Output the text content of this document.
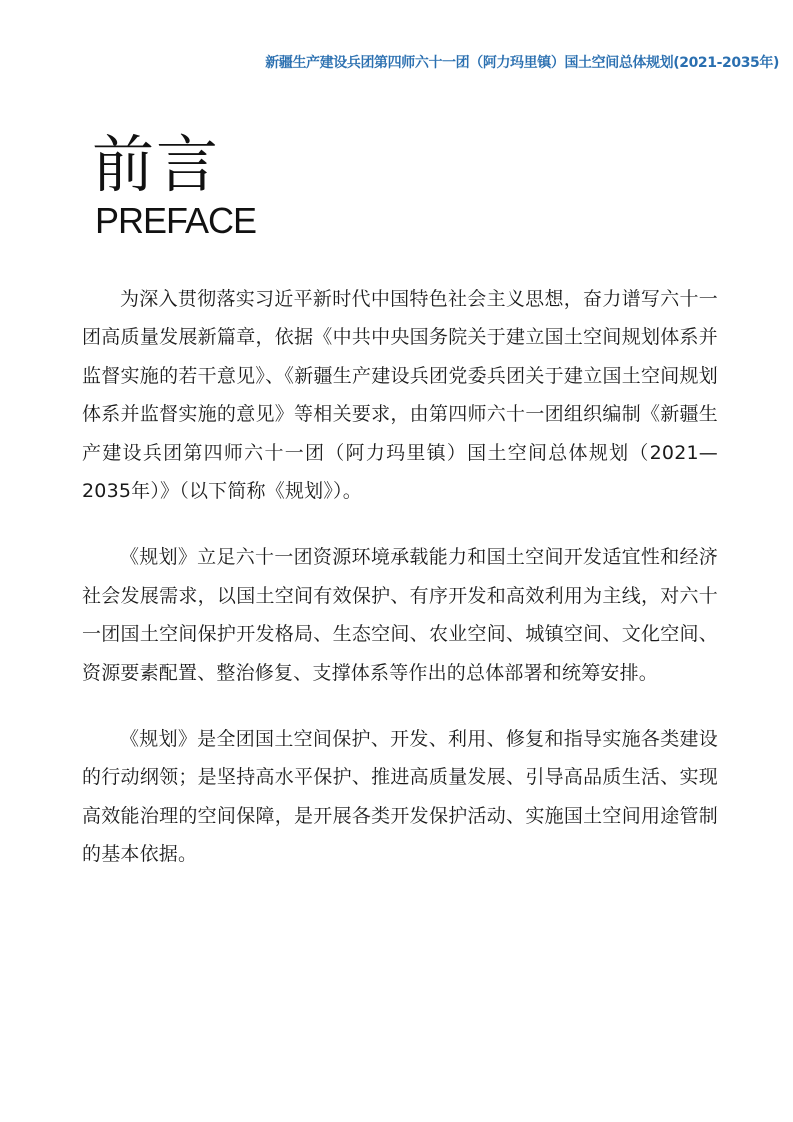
新疆生产建设兵团第四师六十一团（阿力玛里镇）国土空间总体规划(2021-2035年)
前言
PREFACE

为深入贯彻落实习近平新时代中国特色社会主义思想，奋力谱写六十一团高质量发展新篇章，依据《中共中央国务院关于建立国土空间规划体系并监督实施的若干意见》、《新疆生产建设兵团党委兵团关于建立国土空间规划体系并监督实施的意见》等相关要求，由第四师六十一团组织编制《新疆生产建设兵团第四师六十一团（阿力玛里镇）国土空间总体规划（2021—2035年）》（以下简称《规划》）。

《规划》立足六十一团资源环境承载能力和国土空间开发适宜性和经济社会发展需求，以国土空间有效保护、有序开发和高效利用为主线，对六十一团国土空间保护开发格局、生态空间、农业空间、城镇空间、文化空间、资源要素配置、整治修复、支撑体系等作出的总体部署和统筹安排。

《规划》是全团国土空间保护、开发、利用、修复和指导实施各类建设的行动纲领；是坚持高水平保护、推进高质量发展、引导高品质生活、实现高效能治理的空间保障，是开展各类开发保护活动、实施国土空间用途管制的基本依据。
